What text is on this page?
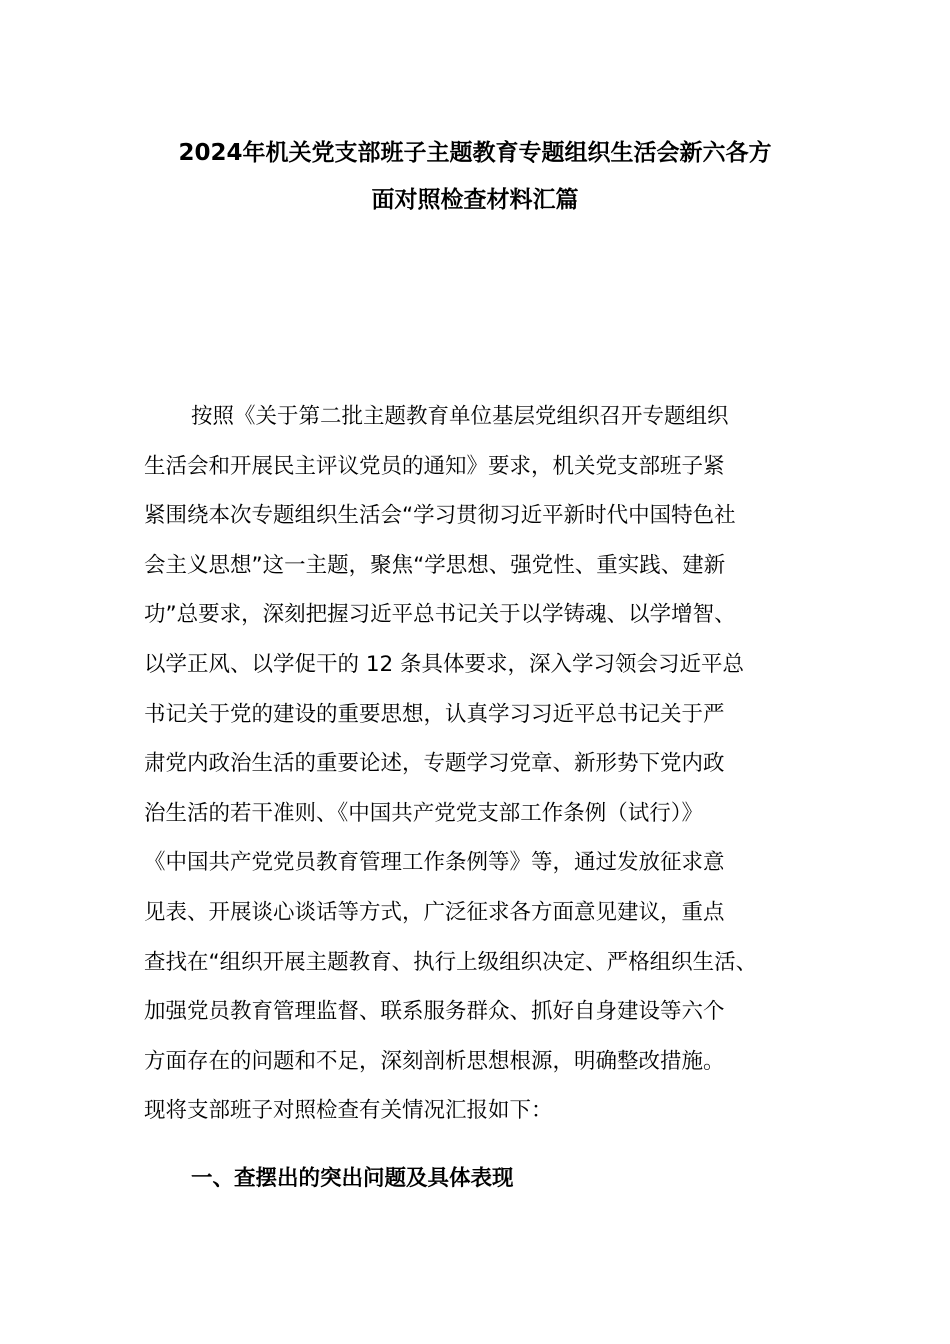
2024年机关党支部班子主题教育专题组织生活会新六各方
面对照检查材料汇篇
按照《关于第二批主题教育单位基层党组织召开专题组织
生活会和开展民主评议党员的通知》要求，机关党支部班子紧
紧围绕本次专题组织生活会“学习贯彻习近平新时代中国特色社
会主义思想”这一主题，聚焦“学思想、强党性、重实践、建新
功”总要求，深刻把握习近平总书记关于以学铸魂、以学增智、
以学正风、以学促干的 12 条具体要求，深入学习领会习近平总
书记关于党的建设的重要思想，认真学习习近平总书记关于严
肃党内政治生活的重要论述，专题学习党章、新形势下党内政
治生活的若干准则、《中国共产党党支部工作条例（试行）》
《中国共产党党员教育管理工作条例等》等，通过发放征求意
见表、开展谈心谈话等方式，广泛征求各方面意见建议，重点
查找在“组织开展主题教育、执行上级组织决定、严格组织生活、
加强党员教育管理监督、联系服务群众、抓好自身建设等六个
方面存在的问题和不足，深刻剖析思想根源，明确整改措施。
现将支部班子对照检查有关情况汇报如下：
一、查摆出的突出问题及具体表现
